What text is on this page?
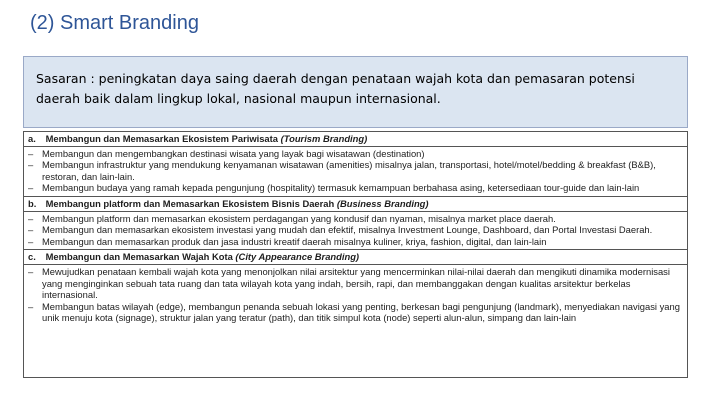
(2) Smart Branding
Sasaran : peningkatan daya saing daerah dengan penataan wajah kota dan pemasaran potensi daerah baik dalam lingkup lokal, nasional maupun internasional.
a. Membangun dan Memasarkan Ekosistem Pariwisata (Tourism Branding)
– Membangun dan mengembangkan destinasi wisata yang layak bagi wisatawan (destination)
– Membangun infrastruktur yang mendukung kenyamanan wisatawan (amenities) misalnya jalan, transportasi, hotel/motel/bedding & breakfast (B&B), restoran, dan lain-lain.
– Membangun budaya yang ramah kepada pengunjung (hospitality) termasuk kemampuan berbahasa asing, ketersediaan tour-guide dan lain-lain
b. Membangun platform dan Memasarkan Ekosistem Bisnis Daerah (Business Branding)
– Membangun platform dan memasarkan ekosistem perdagangan yang kondusif dan nyaman, misalnya market place daerah.
– Membangun dan memasarkan ekosistem investasi yang mudah dan efektif, misalnya Investment Lounge, Dashboard, dan Portal Investasi Daerah.
– Membangun dan memasarkan produk dan jasa industri kreatif daerah misalnya kuliner, kriya, fashion, digital, dan lain-lain
c. Membangun dan Memasarkan Wajah Kota (City Appearance Branding)
– Mewujudkan penataan kembali wajah kota yang menonjolkan nilai arsitektur yang mencerminkan nilai-nilai daerah dan mengikuti dinamika modernisasi yang menginginkan sebuah tata ruang dan tata wilayah kota yang indah, bersih, rapi, dan membanggakan dengan kualitas arsitektur berkelas internasional.
– Membangun batas wilayah (edge), membangun penanda sebuah lokasi yang penting, berkesan bagi pengunjung (landmark), menyediakan navigasi yang unik menuju kota (signage), struktur jalan yang teratur (path), dan titik simpul kota (node) seperti alun-alun, simpang dan lain-lain
